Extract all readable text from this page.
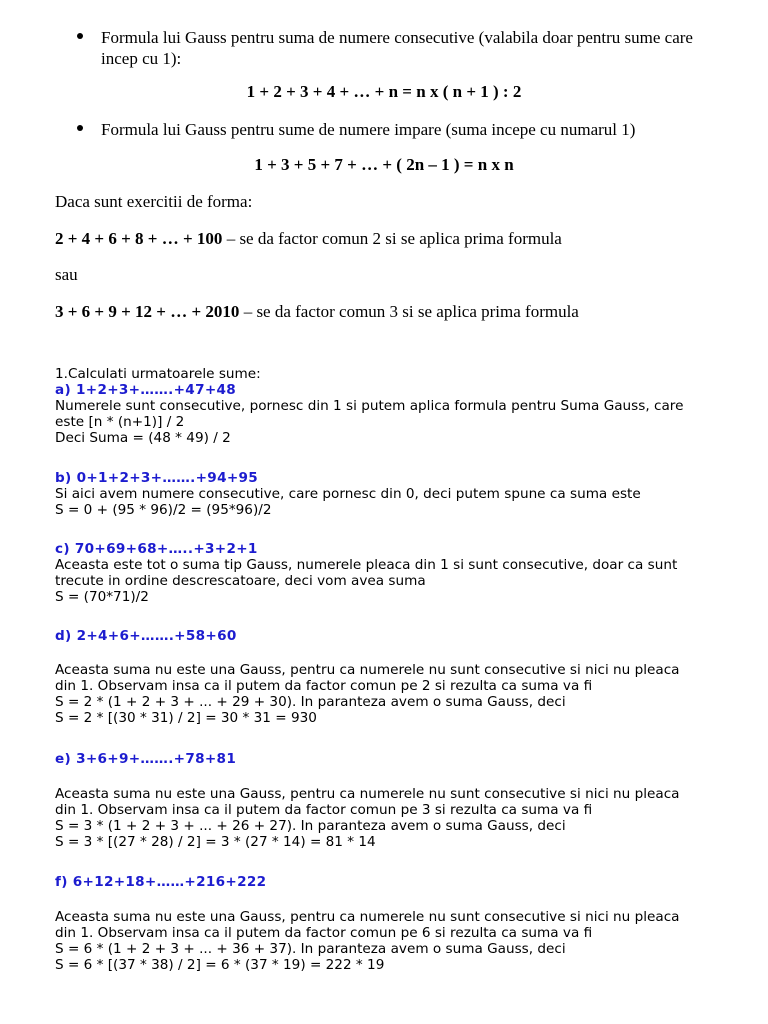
Formula lui Gauss pentru suma de numere consecutive (valabila doar pentru sume care
incep cu 1):
1 + 2 + 3 + 4 + … + n = n x ( n + 1 ) : 2
Formula lui Gauss pentru sume de numere impare (suma incepe cu numarul 1)
1 + 3 + 5 + 7 + … + ( 2n – 1 ) = n x n
Daca sunt exercitii de forma:
2 + 4 + 6 + 8 + … + 100 – se da factor comun 2 si se aplica prima formula
sau
3 + 6 + 9 + 12 + … + 2010 – se da factor comun 3 si se aplica prima formula
1.Calculati urmatoarele sume:
a) 1+2+3+…….+47+48
Numerele sunt consecutive, pornesc din 1 si putem aplica formula pentru Suma Gauss, care
este [n * (n+1)] / 2
Deci Suma = (48 * 49) / 2
b) 0+1+2+3+…….+94+95
Si aici avem numere consecutive, care pornesc din 0, deci putem spune ca suma este
S = 0 + (95 * 96)/2 = (95*96)/2
c) 70+69+68+…..+3+2+1
Aceasta este tot o suma tip Gauss, numerele pleaca din 1 si sunt consecutive, doar ca sunt
trecute in ordine descrescatoare, deci vom avea suma
S = (70*71)/2
d) 2+4+6+…….+58+60
Aceasta suma nu este una Gauss, pentru ca numerele nu sunt consecutive si nici nu pleaca
din 1. Observam insa ca il putem da factor comun pe 2 si rezulta ca suma va fi
S = 2 * (1 + 2 + 3 + ... + 29 + 30). In paranteza avem o suma Gauss, deci
S = 2 * [(30 * 31) / 2] = 30 * 31 = 930
e) 3+6+9+…….+78+81
Aceasta suma nu este una Gauss, pentru ca numerele nu sunt consecutive si nici nu pleaca
din 1. Observam insa ca il putem da factor comun pe 3 si rezulta ca suma va fi
S = 3 * (1 + 2 + 3 + ... + 26 + 27). In paranteza avem o suma Gauss, deci
S = 3 * [(27 * 28) / 2] = 3 * (27 * 14) = 81 * 14
f) 6+12+18+……+216+222
Aceasta suma nu este una Gauss, pentru ca numerele nu sunt consecutive si nici nu pleaca
din 1. Observam insa ca il putem da factor comun pe 6 si rezulta ca suma va fi
S = 6 * (1 + 2 + 3 + ... + 36 + 37). In paranteza avem o suma Gauss, deci
S = 6 * [(37 * 38) / 2] = 6 * (37 * 19) = 222 * 19
